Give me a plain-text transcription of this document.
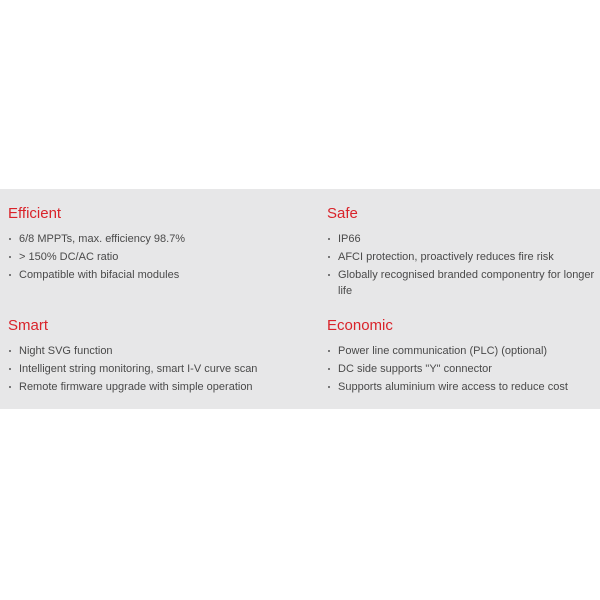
Efficient
6/8 MPPTs, max. efficiency 98.7%
> 150% DC/AC ratio
Compatible with bifacial modules
Safe
IP66
AFCI protection, proactively reduces fire risk
Globally recognised branded componentry for longer life
Smart
Night SVG function
Intelligent string monitoring, smart I-V curve scan
Remote firmware upgrade with simple operation
Economic
Power line communication (PLC) (optional)
DC side supports "Y" connector
Supports aluminium wire access to reduce cost
